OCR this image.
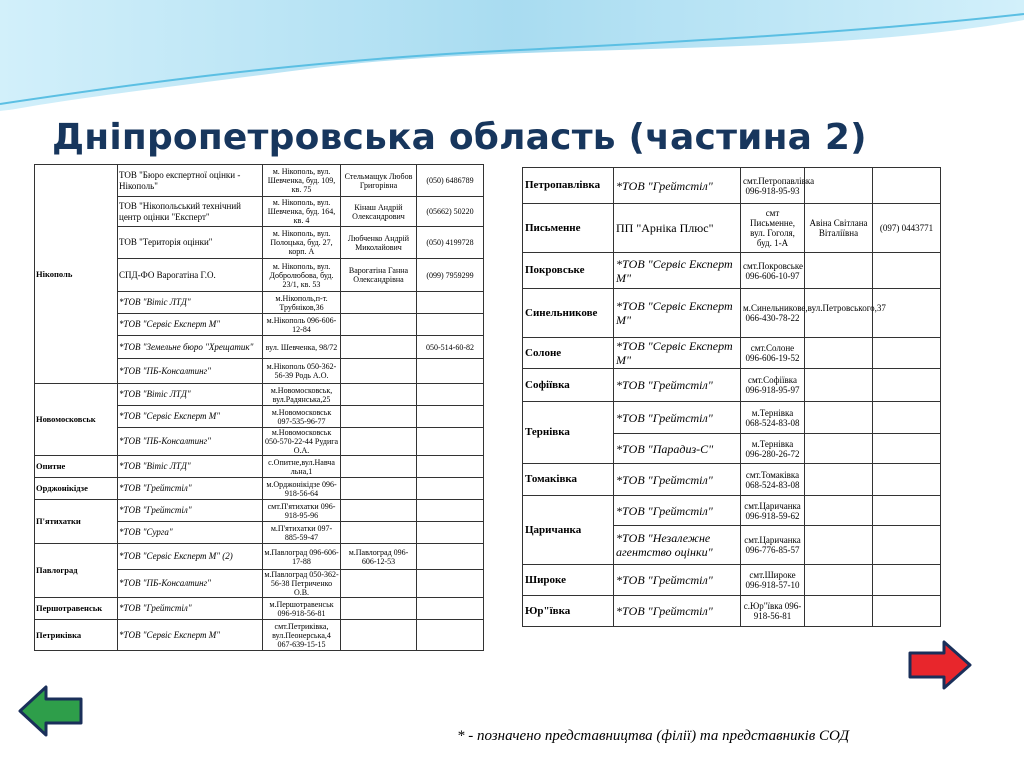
Дніпропетровська область (частина 2)
Нікополь	ТОВ "Бюро експертної оцінки - Нікополь"	м. Нікополь, вул. Шевченка, буд. 109, кв. 75	Стельмащук Любов Григорівна	(050) 6486789
	ТОВ "Нікопольський технічний центр оцінки "Експерт"	м. Нікополь, вул. Шевченка, буд. 164, кв. 4	Кінаш Андрій Олександрович	(05662) 50220
	ТОВ "Територія оцінки"	м. Нікополь, вул. Полоцька, буд. 27, корп. А	Любченко Андрій Миколайович	(050) 4199728
	СПД-ФО Варогатіна Г.О.	м. Нікополь, вул. Добролюбова, буд. 23/1, кв. 53	Варогатіна Ганна Олександрівна	(099) 7959299
	*ТОВ "Вітіс ЛТД"	м.Нікополь,п-т. Трубніков,36		
	*ТОВ "Сервіс Експерт М"	м.Нікополь 096-606-12-84		
	*ТОВ "Земельне бюро "Хрещатик"	вул. Шевченка, 98/72		050-514-60-82
	*ТОВ "ПБ-Консалтинг"	м.Нікополь 050-362-56-39 Родь А.О.		
Новомосковськ	*ТОВ "Вітіс ЛТД"	м.Новомосковськ, вул.Радянська,25		
	*ТОВ "Сервіс Експерт М"	м.Новомосковськ 097-535-96-77		
	*ТОВ "ПБ-Консалтинг"	м.Новомосковськ 050-570-22-44 Рудига О.А.		
Опитне	*ТОВ "Вітіс ЛТД"	с.Опитне,вул.Навча льна,1		
Орджонікідзе	*ТОВ "Грейтстіл"	м.Орджонікідзе 096-918-56-64		
П'ятихатки	*ТОВ "Грейтстіл"	смт.П'ятихатки 096-918-95-96		
	*ТОВ "Сурга"	м.П'ятихатки 097-885-59-47		
Павлоград	*ТОВ "Сервіс Експерт М" (2)	м.Павлоград 096-606-17-88	м.Павлоград 096-606-12-53	
	*ТОВ "ПБ-Консалтинг"	м.Павлоград 050-362-56-38 Петриченко О.В.		
Першотравенськ	*ТОВ "Грейтстіл"	м.Першотравенськ 096-918-56-81		
Петриківка	*ТОВ "Сервіс Експерт М"	смт.Петриківка, вул.Пеонерська,4 067-639-15-15		
Петропавлівка	*ТОВ "Грейтстіл"	смт.Петропавлівка 096-918-95-93		
Письменне	ПП "Арніка Плюс"	смт Письменне, вул. Гоголя, буд. 1-А	Авіна Світлана Віталіївна	(097) 0443771
Покровське	*ТОВ "Сервіс Експерт М"	смт.Покровське 096-606-10-97		
Синельникове	*ТОВ "Сервіс Експерт М"	м.Синельникове,вул.Петровського,37 066-430-78-22		
Солоне	*ТОВ "Сервіс Експерт М"	смт.Солоне 096-606-19-52		
Софіївка	*ТОВ "Грейтстіл"	смт.Софіївка 096-918-95-97		
Тернівка	*ТОВ "Грейтстіл"	м.Тернівка 068-524-83-08		
	*ТОВ "Парадиз-С"	м.Тернівка 096-280-26-72		
Томаківка	*ТОВ "Грейтстіл"	смт.Томаківка 068-524-83-08		
Царичанка	*ТОВ "Грейтстіл"	смт.Царичанка 096-918-59-62		
	*ТОВ "Незалежне агентство оцінки"	смт.Царичанка 096-776-85-57		
Широке	*ТОВ "Грейтстіл"	смт.Широке 096-918-57-10		
Юр"ївка	*ТОВ "Грейтстіл"	с.Юр"ївка 096-918-56-81		
* - позначено представництва (філії) та представників СОД
